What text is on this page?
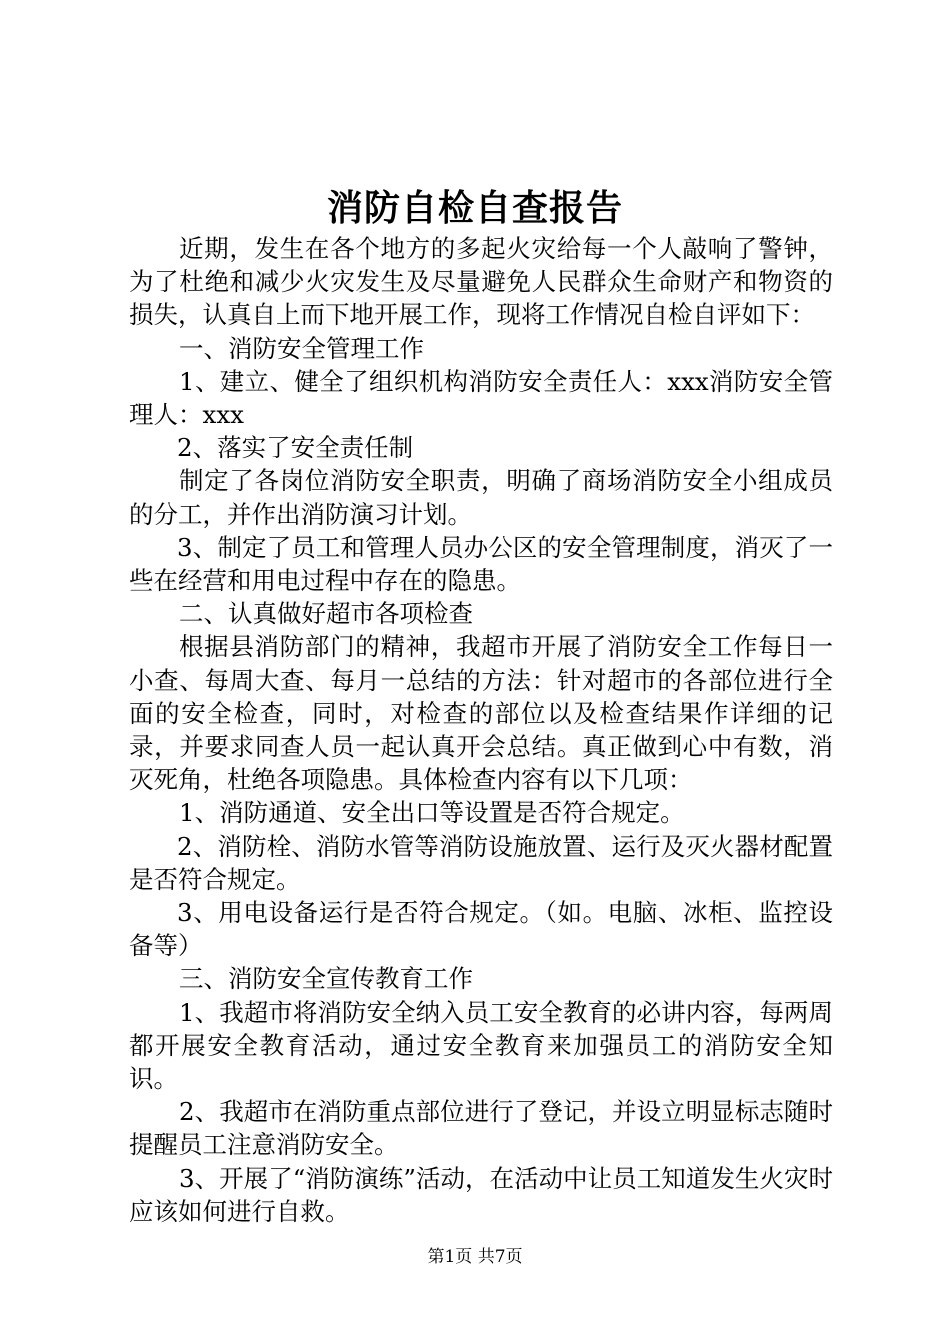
消防自检自查报告

近期，发生在各个地方的多起火灾给每一个人敲响了警钟，为了杜绝和减少火灾发生及尽量避免人民群众生命财产和物资的损失，认真自上而下地开展工作，现将工作情况自检自评如下：

一、消防安全管理工作

1、建立、健全了组织机构消防安全责任人：xxx消防安全管理人：xxx

2、落实了安全责任制

制定了各岗位消防安全职责，明确了商场消防安全小组成员的分工，并作出消防演习计划。

3、制定了员工和管理人员办公区的安全管理制度，消灭了一些在经营和用电过程中存在的隐患。

二、认真做好超市各项检查

根据县消防部门的精神，我超市开展了消防安全工作每日一小查、每周大查、每月一总结的方法：针对超市的各部位进行全面的安全检查，同时，对检查的部位以及检查结果作详细的记录，并要求同查人员一起认真开会总结。真正做到心中有数，消灭死角，杜绝各项隐患。具体检查内容有以下几项：

1、消防通道、安全出口等设置是否符合规定。

2、消防栓、消防水管等消防设施放置、运行及灭火器材配置是否符合规定。

3、用电设备运行是否符合规定。（如。电脑、冰柜、监控设备等）

三、消防安全宣传教育工作

1、我超市将消防安全纳入员工安全教育的必讲内容，每两周都开展安全教育活动，通过安全教育来加强员工的消防安全知识。

2、我超市在消防重点部位进行了登记，并设立明显标志随时提醒员工注意消防安全。

3、开展了“消防演练”活动，在活动中让员工知道发生火灾时应该如何进行自救。

第1页 共7页
